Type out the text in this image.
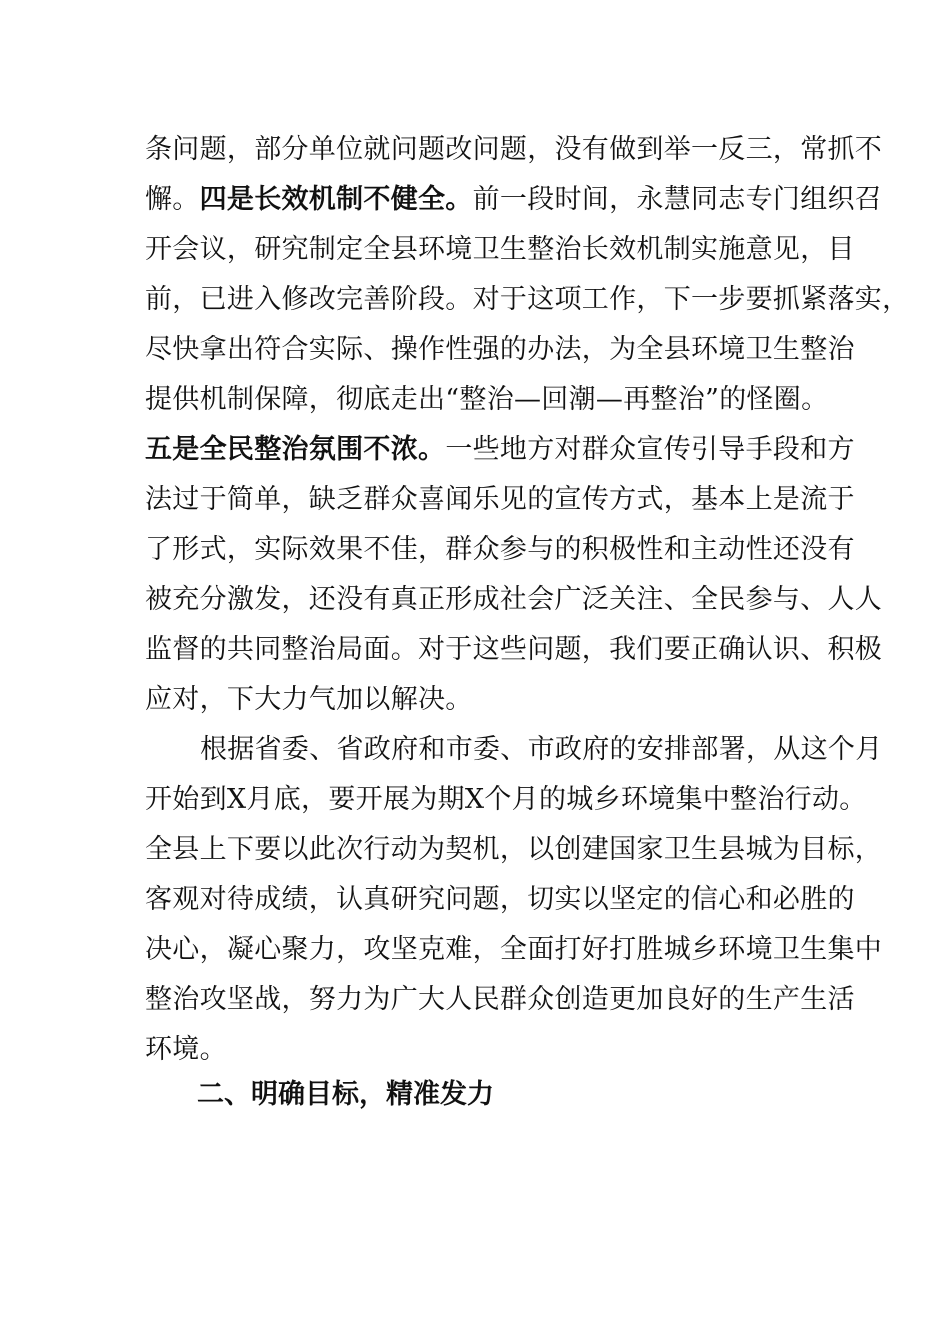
条问题，部分单位就问题改问题，没有做到举一反三，常抓不
懈。四是长效机制不健全。前一段时间，永慧同志专门组织召
开会议，研究制定全县环境卫生整治长效机制实施意见，目
前，已进入修改完善阶段。对于这项工作，下一步要抓紧落实，
尽快拿出符合实际、操作性强的办法，为全县环境卫生整治
提供机制保障，彻底走出“整治—回潮—再整治”的怪圈。
五是全民整治氛围不浓。一些地方对群众宣传引导手段和方
法过于简单，缺乏群众喜闻乐见的宣传方式，基本上是流于
了形式，实际效果不佳，群众参与的积极性和主动性还没有
被充分激发，还没有真正形成社会广泛关注、全民参与、人人
监督的共同整治局面。对于这些问题，我们要正确认识、积极
应对，下大力气加以解决。
根据省委、省政府和市委、市政府的安排部署，从这个月
开始到X月底，要开展为期X个月的城乡环境集中整治行动。
全县上下要以此次行动为契机，以创建国家卫生县城为目标，
客观对待成绩，认真研究问题，切实以坚定的信心和必胜的
决心，凝心聚力，攻坚克难，全面打好打胜城乡环境卫生集中
整治攻坚战，努力为广大人民群众创造更加良好的生产生活
环境。
二、明确目标，精准发力
